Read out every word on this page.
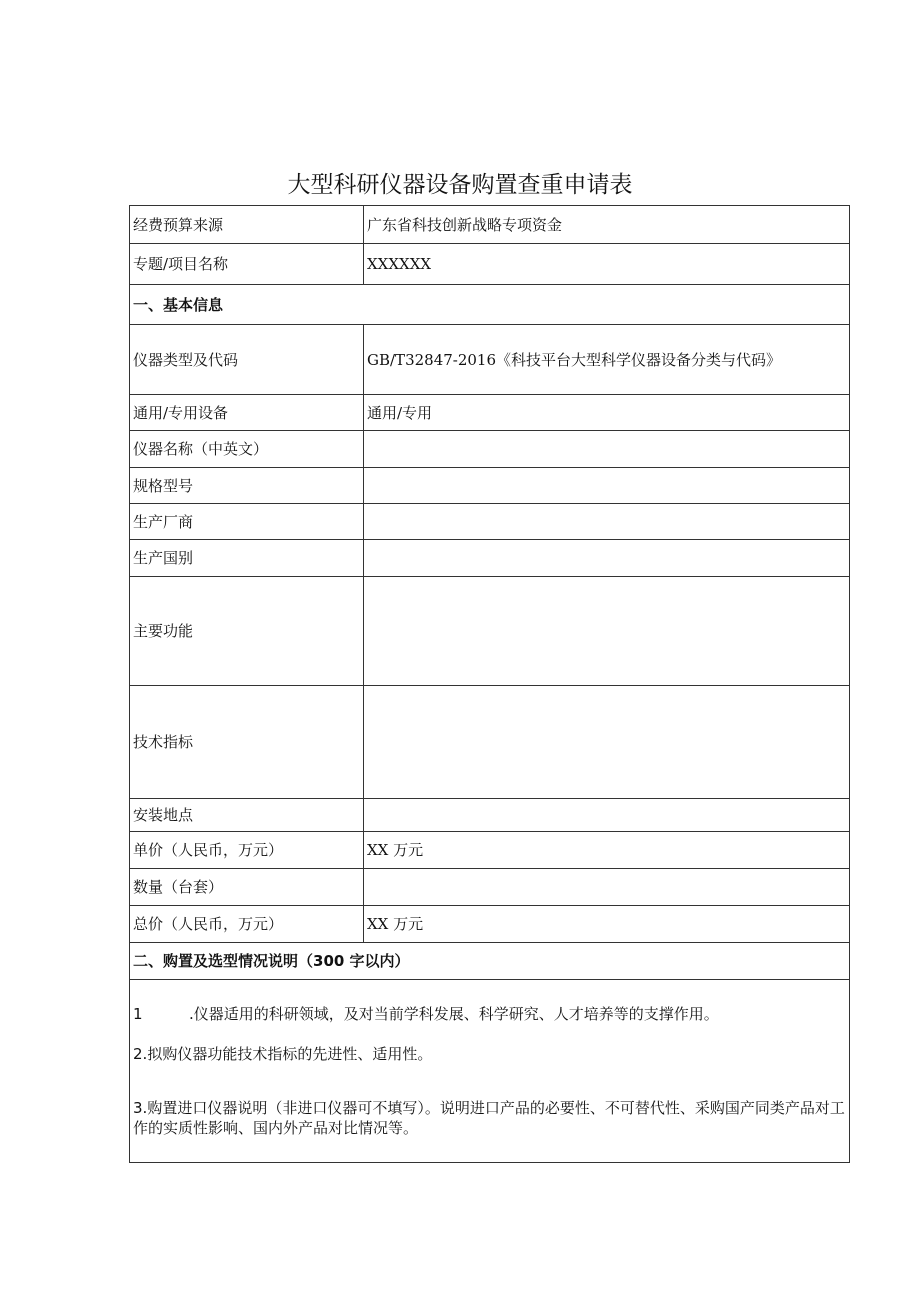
大型科研仪器设备购置查重申请表
经费预算来源	广东省科技创新战略专项资金
专题/项目名称	XXXXXX
一、基本信息	
仪器类型及代码	GB/T32847-2016《科技平台大型科学仪器设备分类与代码》
通用/专用设备	通用/专用
仪器名称（中英文）	
规格型号	
生产厂商	
生产国别	
主要功能	
技术指标	
安装地点	
单价（人民币，万元）	XX 万元
数量（台套）	
总价（人民币，万元）	XX 万元
二、购置及选型情况说明（300 字以内）	

1 .仪器适用的科研领域，及对当前学科发展、科学研究、人才培养等的支撑作用。

2.拟购仪器功能技术指标的先进性、适用性。

3.购置进口仪器说明（非进口仪器可不填写）。说明进口产品的必要性、不可替代性、采购国产同类产品对工作的实质性影响、国内外产品对比情况等。	
